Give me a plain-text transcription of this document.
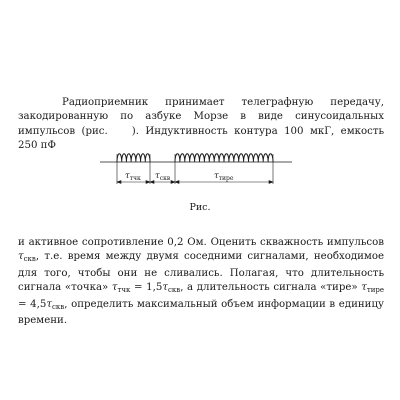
Радиоприемник принимает телеграфную передачу, закодированную по азбуке Морзе в виде синусоидальных импульсов (рис. ). Индуктивность контура 100 мкГ, емкость 250 пФ

$\tau_{тчк}$ $\tau_{скв}$	$\tau_{тирe}$
Рис.

и активное сопротивление 0,2 Ом. Оценить скважность импульсов $\tau_{скв}$, т.е. время между двумя соседними сигналами, необходимое для того, чтобы они не сливались. Полагая, что длительность сигнала «точка» $\tau_{тчк} = 1,5\tau_{скв}$, а длительность сигнала «тире» $\tau_{тире} = 4,5\tau_{скв}$, определить максимальный объем информации в единицу времени.
